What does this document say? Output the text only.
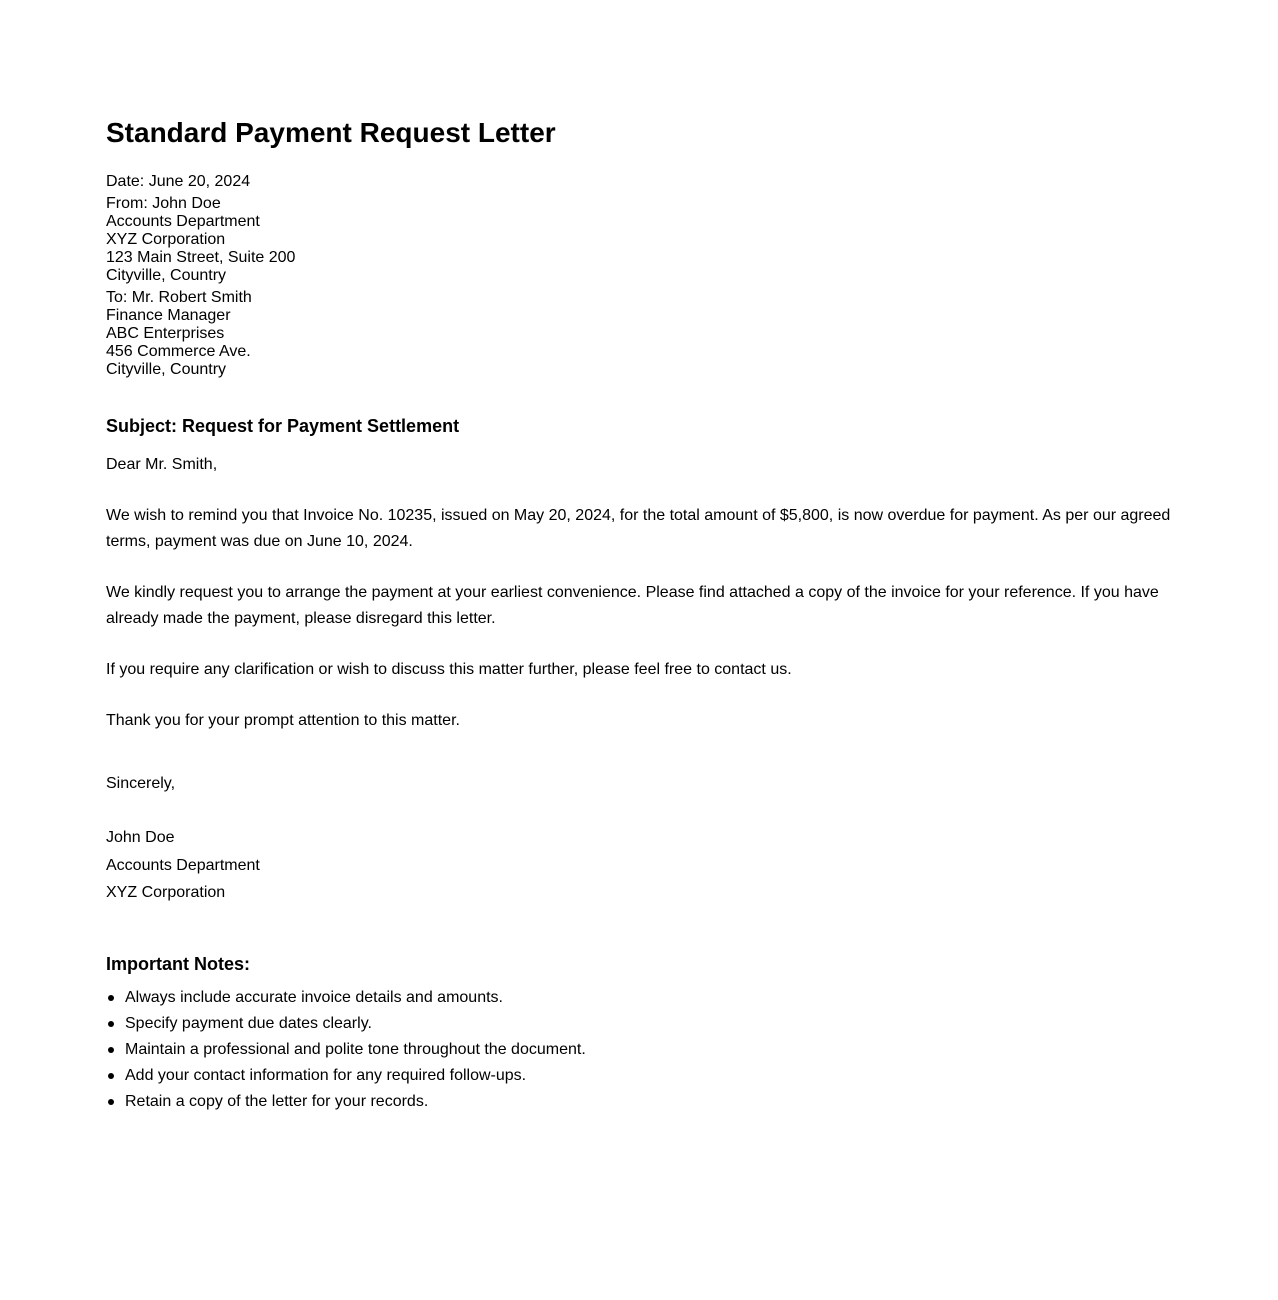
Standard Payment Request Letter
Date: June 20, 2024
From: John Doe
Accounts Department
XYZ Corporation
123 Main Street, Suite 200
Cityville, Country
To: Mr. Robert Smith
Finance Manager
ABC Enterprises
456 Commerce Ave.
Cityville, Country
Subject: Request for Payment Settlement

Dear Mr. Smith,

We wish to remind you that Invoice No. 10235, issued on May 20, 2024, for the total amount of $5,800, is now overdue for payment. As per our agreed terms, payment was due on June 10, 2024.

We kindly request you to arrange the payment at your earliest convenience. Please find attached a copy of the invoice for your reference. If you have already made the payment, please disregard this letter.

If you require any clarification or wish to discuss this matter further, please feel free to contact us.

Thank you for your prompt attention to this matter.

Sincerely,

John Doe
Accounts Department
XYZ Corporation
Important Notes:
Always include accurate invoice details and amounts.
Specify payment due dates clearly.
Maintain a professional and polite tone throughout the document.
Add your contact information for any required follow-ups.
Retain a copy of the letter for your records.
